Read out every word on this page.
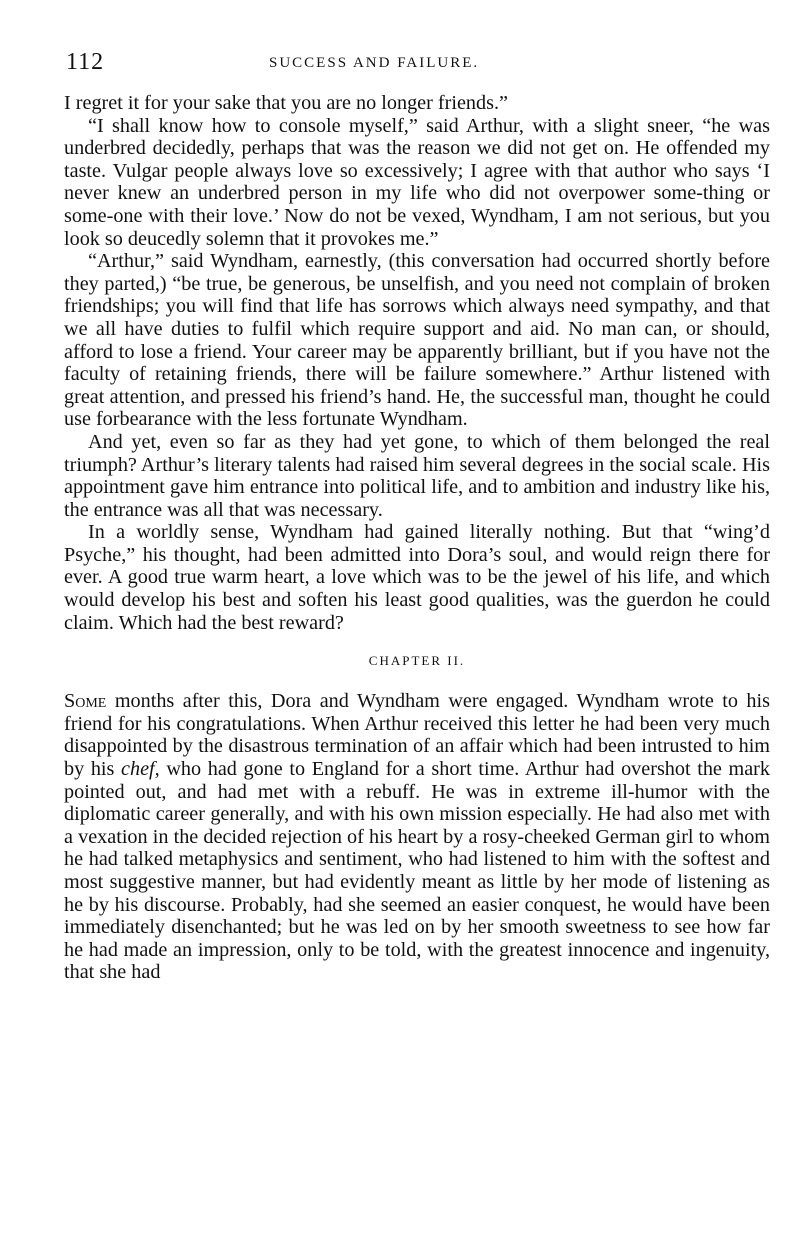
112	SUCCESS AND FAILURE.

I regret it for your sake that you are no longer friends.”

“I shall know how to console myself,” said Arthur, with a slight sneer, “he was underbred decidedly, perhaps that was the reason we did not get on. He offended my taste. Vulgar people always love so excessively; I agree with that author who says ‘I never knew an underbred person in my life who did not overpower some-thing or some-one with their love.’ Now do not be vexed, Wyndham, I am not serious, but you look so deucedly solemn that it provokes me.”

“Arthur,” said Wyndham, earnestly, (this conversation had occurred shortly before they parted,) “be true, be generous, be unselfish, and you need not complain of broken friendships; you will find that life has sorrows which always need sympathy, and that we all have duties to fulfil which require support and aid. No man can, or should, afford to lose a friend. Your career may be apparently brilliant, but if you have not the faculty of retaining friends, there will be failure somewhere.” Arthur listened with great attention, and pressed his friend’s hand. He, the successful man, thought he could use forbearance with the less fortunate Wyndham.

And yet, even so far as they had yet gone, to which of them belonged the real triumph? Arthur’s literary talents had raised him several degrees in the social scale. His appointment gave him entrance into political life, and to ambition and industry like his, the entrance was all that was necessary.

In a worldly sense, Wyndham had gained literally nothing. But that “wing’d Psyche,” his thought, had been admitted into Dora’s soul, and would reign there for ever. A good true warm heart, a love which was to be the jewel of his life, and which would develop his best and soften his least good qualities, was the guerdon he could claim. Which had the best reward?

CHAPTER II.

Some months after this, Dora and Wyndham were engaged. Wyndham wrote to his friend for his congratulations. When Arthur received this letter he had been very much disappointed by the disastrous termination of an affair which had been intrusted to him by his chef, who had gone to England for a short time. Arthur had overshot the mark pointed out, and had met with a rebuff. He was in extreme ill-humor with the diplomatic career generally, and with his own mission especially. He had also met with a vexation in the decided rejection of his heart by a rosy-cheeked German girl to whom he had talked metaphysics and sentiment, who had listened to him with the softest and most suggestive manner, but had evidently meant as little by her mode of listening as he by his discourse. Probably, had she seemed an easier conquest, he would have been immediately disenchanted; but he was led on by her smooth sweetness to see how far he had made an impression, only to be told, with the greatest innocence and ingenuity, that she had
